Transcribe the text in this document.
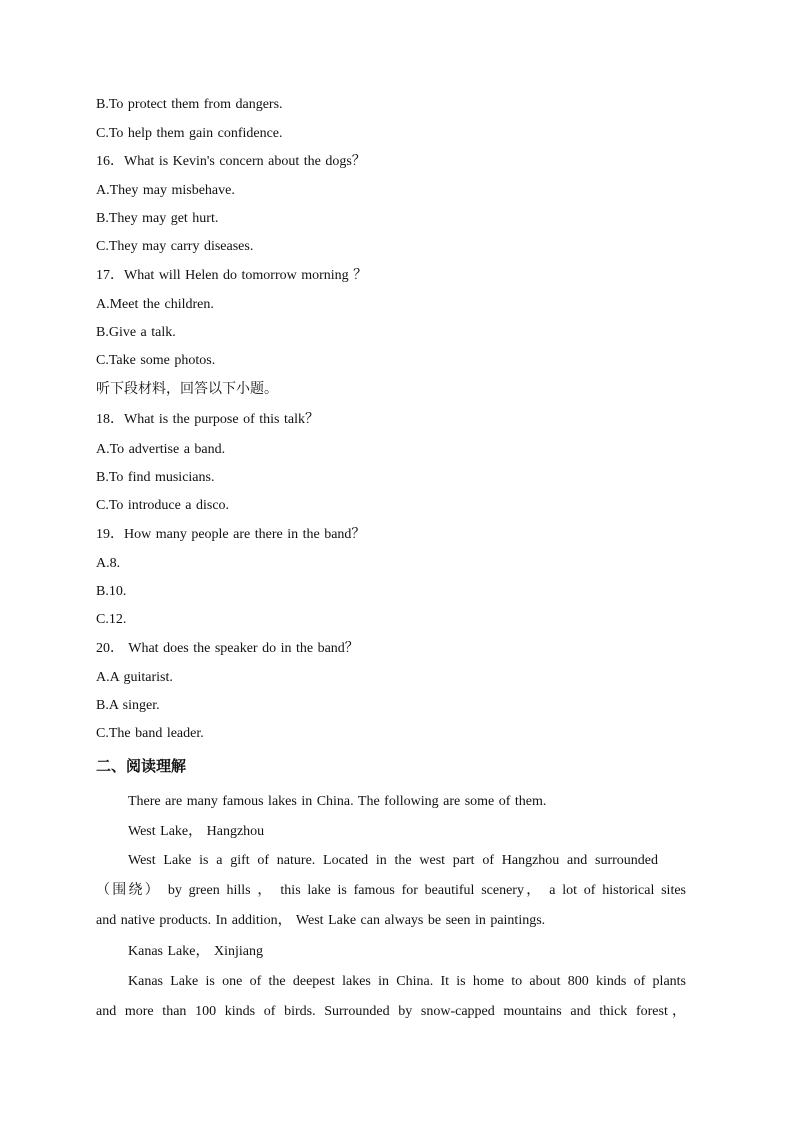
B.To protect them from dangers.
C.To help them gain confidence.
16．What is Kevin's concern about the dogs？
A.They may misbehave.
B.They may get hurt.
C.They may carry diseases.
17．What will Helen do tomorrow morning ？
A.Meet the children.
B.Give a talk.
C.Take some photos.
听下段材料，回答以下小题。
18．What is the purpose of this talk？
A.To advertise a band.
B.To find musicians.
C.To introduce a disco.
19．How many people are there in the band？
A.8.
B.10.
C.12.
20． What does the speaker do in the band？
A.A guitarist.
B.A singer.
C.The band leader.
二、阅读理解
There are many famous lakes in China. The following are some of them.
West Lake， Hangzhou
West Lake is a gift of nature. Located in the west part of Hangzhou and surrounded
（围绕） by green hills ， this lake is famous for beautiful scenery， a lot of historical sites
and native products. In addition， West Lake can always be seen in paintings.
Kanas Lake， Xinjiang
Kanas Lake is one of the deepest lakes in China. It is home to about 800 kinds of plants
and more than 100 kinds of birds. Surrounded by snow-capped mountains and thick forest，
